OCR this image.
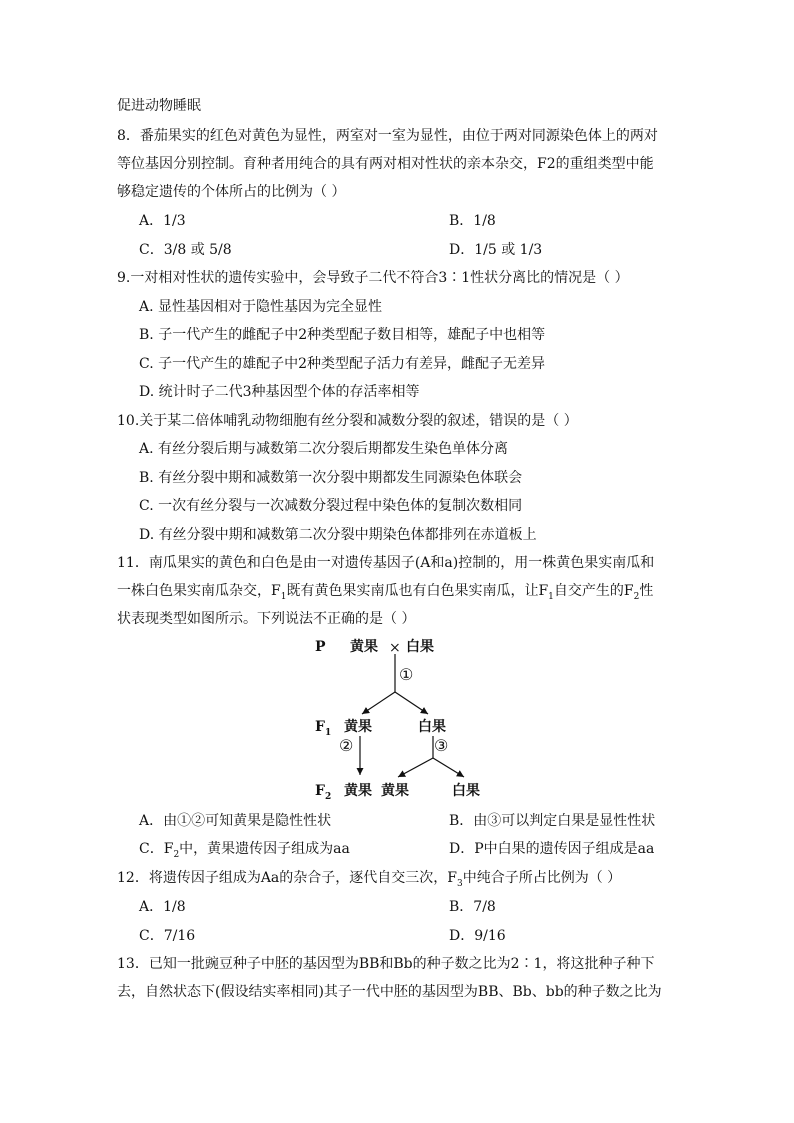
促进动物睡眠
8．番茄果实的红色对黄色为显性，两室对一室为显性，由位于两对同源染色体上的两对
等位基因分别控制。育种者用纯合的具有两对相对性状的亲本杂交，F2的重组类型中能
够稳定遗传的个体所占的比例为（ ）
A．1/3	B．1/8
C．3/8 或 5/8	D．1/5 或 1/3
9.一对相对性状的遗传实验中，会导致子二代不符合3∶1性状分离比的情况是（ ）
A. 显性基因相对于隐性基因为完全显性
B. 子一代产生的雌配子中2种类型配子数目相等，雄配子中也相等
C. 子一代产生的雄配子中2种类型配子活力有差异，雌配子无差异
D. 统计时子二代3种基因型个体的存活率相等
10.关于某二倍体哺乳动物细胞有丝分裂和减数分裂的叙述，错误的是（ ）
A. 有丝分裂后期与减数第二次分裂后期都发生染色单体分离
B. 有丝分裂中期和减数第一次分裂中期都发生同源染色体联会
C. 一次有丝分裂与一次减数分裂过程中染色体的复制次数相同
D. 有丝分裂中期和减数第二次分裂中期染色体都排列在赤道板上
11．南瓜果实的黄色和白色是由一对遗传基因子(A和a)控制的，用一株黄色果实南瓜和
一株白色果实南瓜杂交，$F_1$既有黄色果实南瓜也有白色果实南瓜，让$F_1$自交产生的$F_2$性
状表现类型如图所示。下列说法不正确的是（ ）
P 黄果 × 白果
①
$F_1$ 黄果	白果
②	③
$F_2$ 黄果 黄果	白果
A．由①②可知黄果是隐性性状	B．由③可以判定白果是显性性状
C．$F_2$中，黄果遗传因子组成为aa	D．P中白果的遗传因子组成是aa
12．将遗传因子组成为Aa的杂合子，逐代自交三次，$F_3$中纯合子所占比例为（ ）
A．1/8	B．7/8
C．7/16	D．9/16
13．已知一批豌豆种子中胚的基因型为BB和Bb的种子数之比为2∶1，将这批种子种下
去，自然状态下(假设结实率相同)其子一代中胚的基因型为BB、Bb、bb的种子数之比为
